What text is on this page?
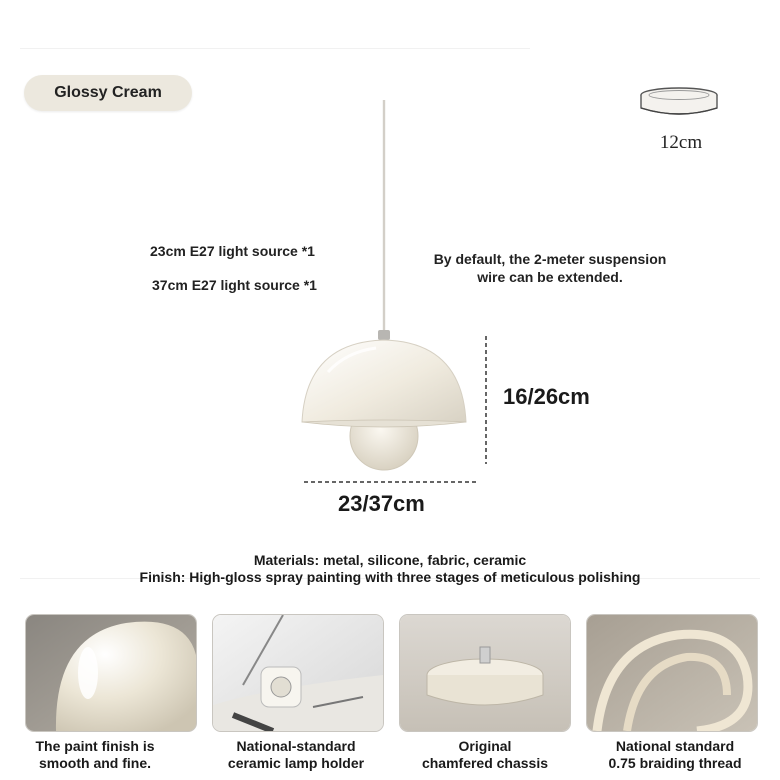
Glossy Cream
12cm
23cm E27 light source *1
37cm E27 light source *1
By default, the 2-meter suspension
wire can be extended.
16/26cm
23/37cm
Materials: metal, silicone, fabric, ceramic
Finish: High-gloss spray painting with three stages of meticulous polishing
The paint finish is
smooth and fine.
National-standard
ceramic lamp holder
Original
chamfered chassis
National standard
0.75 braiding thread
